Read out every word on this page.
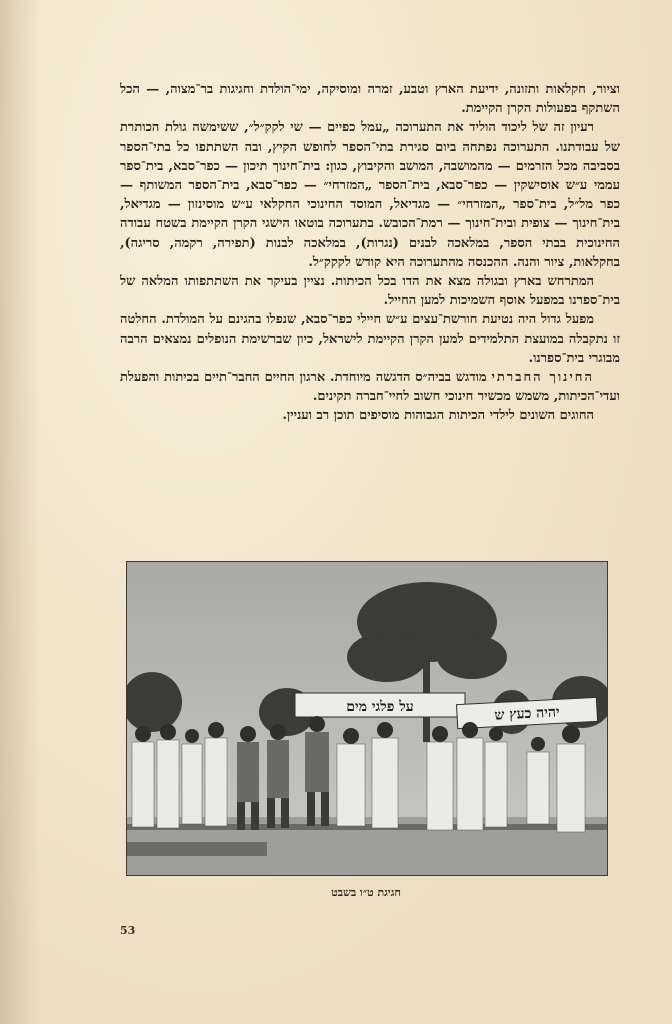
וציור, חקלאות ותזונה, ידיעת הארץ וטבע, זמרה ומוסיקה, ימי־הולדת וחגיגות בר־מצוה, — הכל השתקף בפעולות הקרן הקיימת.

רעיון זה של ליכוד הוליד את התערוכה „עמל כפיים — שי לקק״ל״, ששימשה גולת הכותרת של עבודתנו. התערוכה נפתחה ביום סגירת בתי־הספר לחופש הקיץ, ובה השתתפו כל בתי־הספר בסביבה מכל הזרמים — מהמושבה, המושב והקיבוץ, כגון: בית־חינוך תיכון — כפר־סבא, בית־ספר עממי ע״ש אוסישקין — כפר־סבא, בית־הספר „המזרחי״ — כפר־סבא, בית־הספר המשותף — כפר מל״ל, בית־ספר „המזרחי״ — מגדיאל, המוסד החינוכי החקלאי ע״ש מוסינזון — מגדיאל, בית־חינוך — צופית ובית־חינוך — רמת־הכובש. בתערוכה בוטאו הישגי הקרן הקיימת בשטח עבודה החינוכית בבתי הספר, במלאכה לבנים (נגרות), במלאכה לבנות (תפירה, רקמה, סריגה), בחקלאות, ציור והנה. ההכנסה מהתערוכה היא קודש לקקק״ל.

המתרחש בארץ ובגולה מצא את הדו בכל הכיתות. נציין בעיקר את השתתפותו המלאה של בית־ספרנו במפעל אוסף השמיכות למען החייל.

מפעל גדול היה נטיעת חורשת־עצים ע״ש חיילי כפר־סבא, שנפלו בהגינם על המולדת. החלטה זו נתקבלה במועצת התלמידים למען הקרן הקיימת לישראל, כיון שברשימת הנופלים נמצאים הרבה מבוגרי בית־ספרנו.

החינוך החברתי מודגש בביה״ס הדגשה מיוחדת. ארגון החיים החבר־תיים בכיתות והפעלת ועדי־הכיתות, משמש מכשיר חינוכי חשוב לחיי־חברה תקינים.

החוגים השונים לילדי הכיתות הגבוהות מוסיפים תוכן רב ועניין.

על פלגי מים	יהיה כעץ ש
חגיגת ט״ו בשבט
53
